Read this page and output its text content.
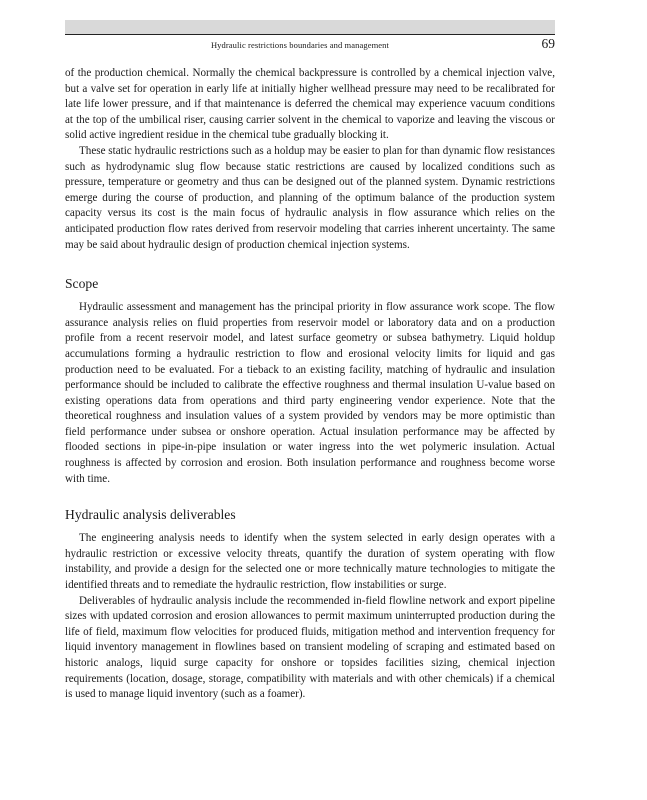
Hydraulic restrictions boundaries and management	69

of the production chemical. Normally the chemical backpressure is controlled by a chemical injection valve, but a valve set for operation in early life at initially higher wellhead pressure may need to be recalibrated for late life lower pressure, and if that maintenance is deferred the chemical may experience vacuum conditions at the top of the umbilical riser, causing carrier solvent in the chemical to vaporize and leaving the viscous or solid active ingredient residue in the chemical tube gradually blocking it.

These static hydraulic restrictions such as a holdup may be easier to plan for than dynamic flow resistances such as hydrodynamic slug flow because static restrictions are caused by localized conditions such as pressure, temperature or geometry and thus can be designed out of the planned system. Dynamic restrictions emerge during the course of production, and planning of the optimum balance of the production system capacity versus its cost is the main focus of hydraulic analysis in flow assurance which relies on the anticipated production flow rates derived from reservoir modeling that carries inherent uncertainty. The same may be said about hydraulic design of production chemical injection systems.

Scope

Hydraulic assessment and management has the principal priority in flow assurance work scope. The flow assurance analysis relies on fluid properties from reservoir model or laboratory data and on a production profile from a recent reservoir model, and latest surface geometry or subsea bathymetry. Liquid holdup accumulations forming a hydraulic restriction to flow and erosional velocity limits for liquid and gas production need to be evaluated. For a tieback to an existing facility, matching of hydraulic and insulation performance should be included to calibrate the effective roughness and thermal insulation U-value based on existing operations data from operations and third party engineering vendor experience. Note that the theoretical roughness and insulation values of a system provided by vendors may be more optimistic than field performance under subsea or onshore operation. Actual insulation performance may be affected by flooded sections in pipe-in-pipe insulation or water ingress into the wet polymeric insulation. Actual roughness is affected by corrosion and erosion. Both insulation performance and roughness become worse with time.

Hydraulic analysis deliverables

The engineering analysis needs to identify when the system selected in early design operates with a hydraulic restriction or excessive velocity threats, quantify the duration of system operating with flow instability, and provide a design for the selected one or more technically mature technologies to mitigate the identified threats and to remediate the hydraulic restriction, flow instabilities or surge.

Deliverables of hydraulic analysis include the recommended in-field flowline network and export pipeline sizes with updated corrosion and erosion allowances to permit maximum uninterrupted production during the life of field, maximum flow velocities for produced fluids, mitigation method and intervention frequency for liquid inventory management in flowlines based on transient modeling of scraping and estimated based on historic analogs, liquid surge capacity for onshore or topsides facilities sizing, chemical injection requirements (location, dosage, storage, compatibility with materials and with other chemicals) if a chemical is used to manage liquid inventory (such as a foamer).
